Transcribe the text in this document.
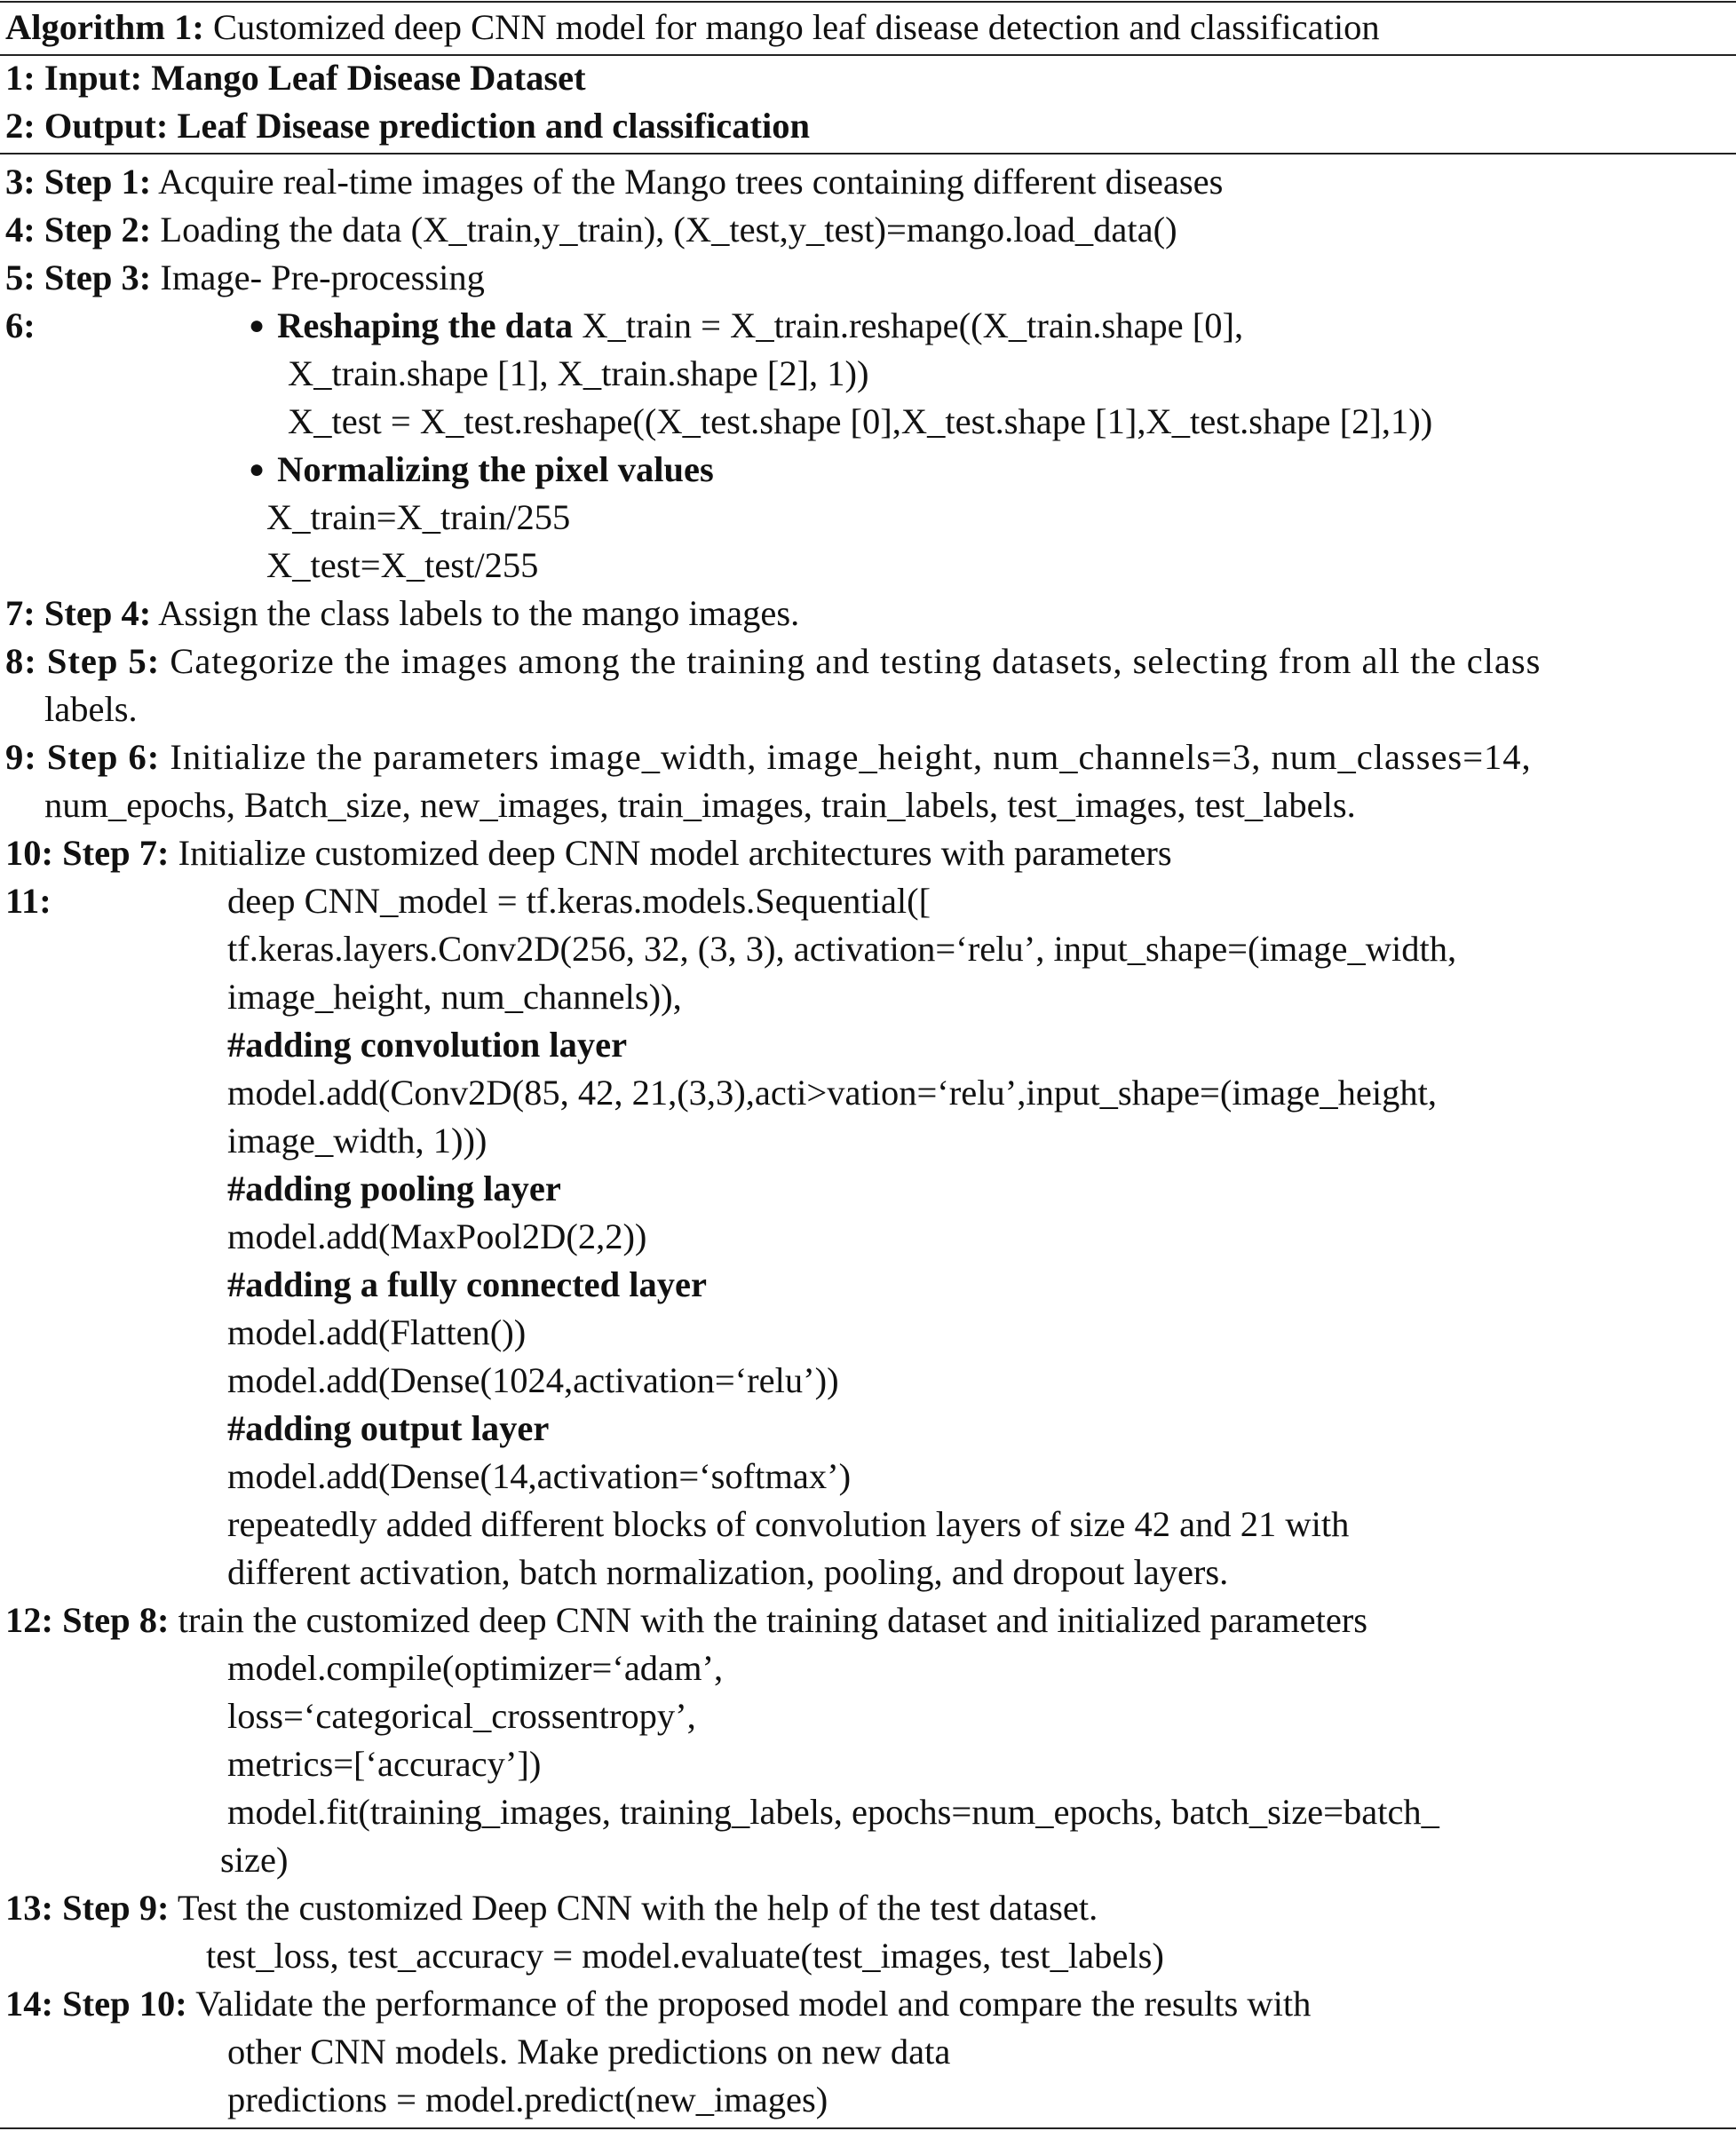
Algorithm 1: Customized deep CNN model for mango leaf disease detection and classification
1: Input: Mango Leaf Disease Dataset
2: Output: Leaf Disease prediction and classification
3: Step 1: Acquire real-time images of the Mango trees containing different diseases
4: Step 2: Loading the data (X_train,y_train), (X_test,y_test)=mango.load_data()
5: Step 3: Image- Pre-processing
6:	● Reshaping the data X_train = X_train.reshape((X_train.shape [0],
X_train.shape [1], X_train.shape [2], 1))
X_test = X_test.reshape((X_test.shape [0],X_test.shape [1],X_test.shape [2],1))
● Normalizing the pixel values
X_train=X_train/255
X_test=X_test/255
7: Step 4: Assign the class labels to the mango images.
8: Step 5: Categorize the images among the training and testing datasets, selecting from all the class
labels.
9: Step 6: Initialize the parameters image_width, image_height, num_channels=3, num_classes=14,
num_epochs, Batch_size, new_images, train_images, train_labels, test_images, test_labels.
10: Step 7: Initialize customized deep CNN model architectures with parameters
11:	deep CNN_model = tf.keras.models.Sequential([
tf.keras.layers.Conv2D(256, 32, (3, 3), activation=‘relu’, input_shape=(image_width,
image_height, num_channels)),
#adding convolution layer
model.add(Conv2D(85, 42, 21,(3,3),acti>vation=‘relu’,input_shape=(image_height,
image_width, 1)))
#adding pooling layer
model.add(MaxPool2D(2,2))
#adding a fully connected layer
model.add(Flatten())
model.add(Dense(1024,activation=‘relu’))
#adding output layer
model.add(Dense(14,activation=‘softmax’)
repeatedly added different blocks of convolution layers of size 42 and 21 with
different activation, batch normalization, pooling, and dropout layers.
12: Step 8: train the customized deep CNN with the training dataset and initialized parameters
model.compile(optimizer=‘adam’,
loss=‘categorical_crossentropy’,
metrics=[‘accuracy’])
model.fit(training_images, training_labels, epochs=num_epochs, batch_size=batch_
size)
13: Step 9: Test the customized Deep CNN with the help of the test dataset.
test_loss, test_accuracy = model.evaluate(test_images, test_labels)
14: Step 10: Validate the performance of the proposed model and compare the results with
other CNN models. Make predictions on new data
predictions = model.predict(new_images)
